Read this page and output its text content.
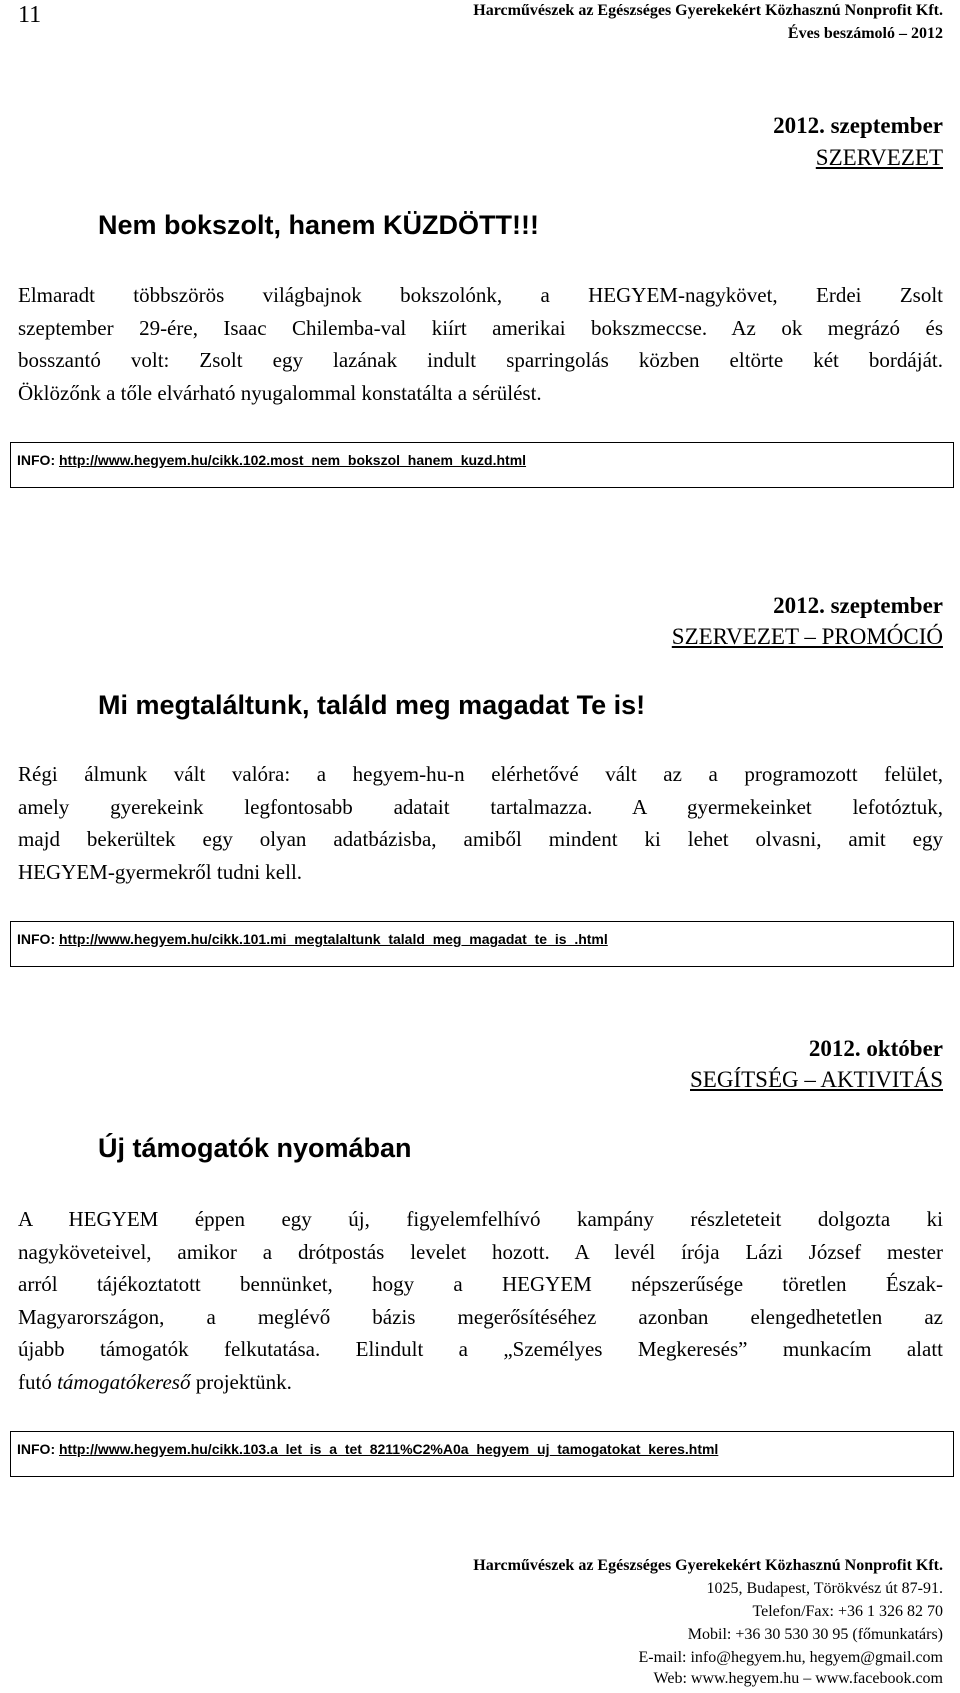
11	Harcművészek az Egészséges Gyerekekért Közhasznú Nonprofit Kft.
Éves beszámoló – 2012
2012. szeptember
SZERVEZET
Nem bokszolt, hanem KÜZDÖTT!!!
Elmaradt többszörös világbajnok bokszolónk, a HEGYEM-nagykövet, Erdei Zsolt
szeptember 29-ére, Isaac Chilemba-val kiírt amerikai bokszmeccse. Az ok megrázó és
bosszantó volt: Zsolt egy lazának indult sparringolás közben eltörte két bordáját.
Öklözőnk a tőle elvárható nyugalommal konstatálta a sérülést.
INFO: http://www.hegyem.hu/cikk.102.most_nem_bokszol_hanem_kuzd.html
2012. szeptember
SZERVEZET – PROMÓCIÓ
Mi megtaláltunk, találd meg magadat Te is!
Régi álmunk vált valóra: a hegyem-hu-n elérhetővé vált az a programozott felület,
amely gyerekeink legfontosabb adatait tartalmazza. A gyermekeinket lefotóztuk,
majd bekerültek egy olyan adatbázisba, amiből mindent ki lehet olvasni, amit egy
HEGYEM-gyermekről tudni kell.
INFO: http://www.hegyem.hu/cikk.101.mi_megtalaltunk_talald_meg_magadat_te_is_.html
2012. október
SEGÍTSÉG – AKTIVITÁS
Új támogatók nyomában
A HEGYEM éppen egy új, figyelemfelhívó kampány részleteteit dolgozta ki
nagyköveteivel, amikor a drótpostás levelet hozott. A levél írója Lázi József mester
arról tájékoztatott bennünket, hogy a HEGYEM népszerűsége töretlen Észak-
Magyarországon, a meglévő bázis megerősítéséhez azonban elengedhetetlen az
újabb támogatók felkutatása. Elindult a „Személyes Megkeresés” munkacím alatt
futó támogatókereső projektünk.
INFO: http://www.hegyem.hu/cikk.103.a_let_is_a_tet_8211%C2%A0a_hegyem_uj_tamogatokat_keres.html
Harcművészek az Egészséges Gyerekekért Közhasznú Nonprofit Kft.
1025, Budapest, Törökvész út 87-91.
Telefon/Fax: +36 1 326 82 70
Mobil: +36 30 530 30 95 (főmunkatárs)
E-mail: info@hegyem.hu, hegyem@gmail.com
Web: www.hegyem.hu – www.facebook.com
